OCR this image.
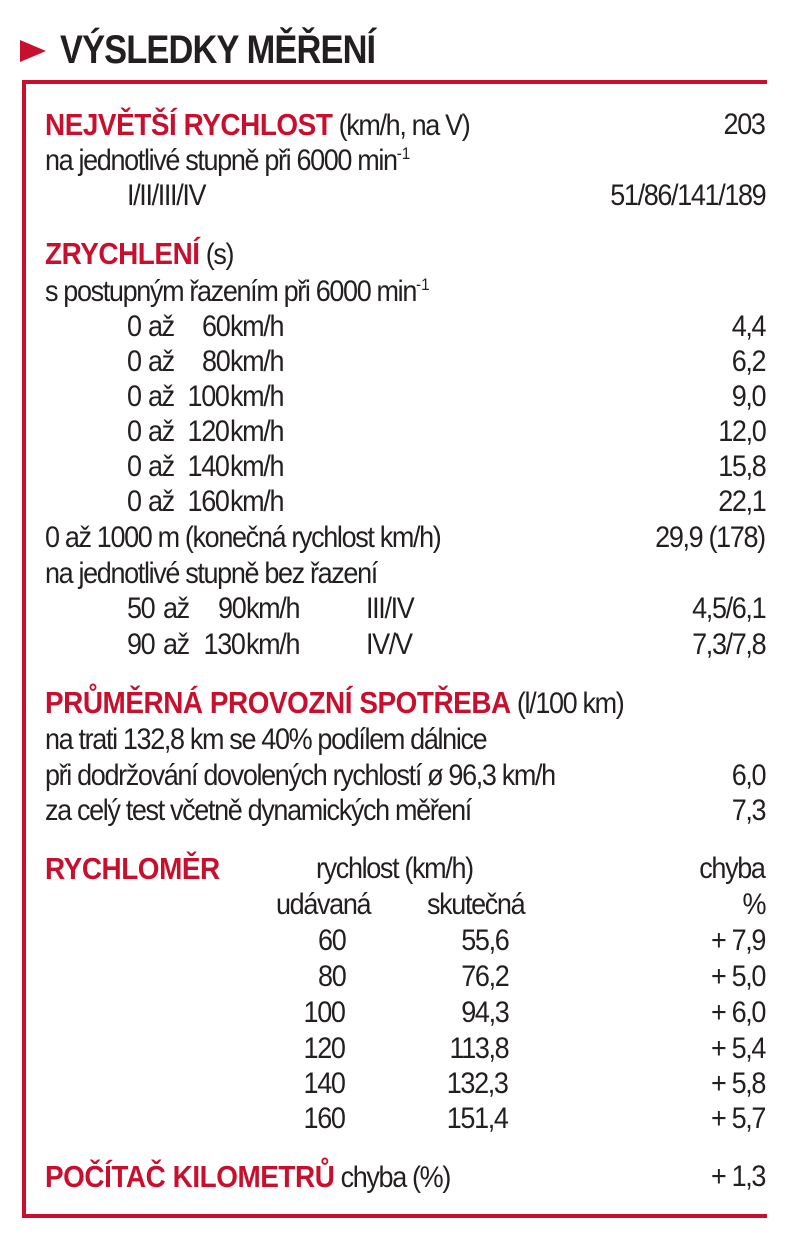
VÝSLEDKY MĚŘENÍ
NEJVĚTŠÍ RYCHLOST (km/h, na V)	203
na jednotlivé stupně při 6000 $\min^{-1}$
I/II/III/IV	51/86/141/189
ZRYCHLENÍ (s)
s postupným řazením při 6000 $\min^{-1}$
0 až 60 km/h	4,4
0 až 80 km/h	6,2
0 až 100 km/h	9,0
0 až 120 km/h	12,0
0 až 140 km/h	15,8
0 až 160 km/h	22,1
0 až 1000 m (konečná rychlost km/h)	29,9 (178)
na jednotlivé stupně bez řazení
50 až 90 km/h III/IV	4,5/6,1
90 až 130 km/h IV/V	7,3/7,8
PRŮMĚRNÁ PROVOZNÍ SPOTŘEBA (l/100 km)
na trati 132,8 km se 40% podílem dálnice
při dodržování dovolených rychlostí ø 96,3 km/h	6,0
za celý test včetně dynamických měření	7,3
RYCHLOMĚR	rychlost (km/h)	chyba
udávaná skutečná	%
60	55,6	+ 7,9
80	76,2	+ 5,0
100	94,3	+ 6,0
120	113,8	+ 5,4
140	132,3	+ 5,8
160	151,4	+ 5,7
POČÍTAČ KILOMETRŮ chyba (%)	+ 1,3
